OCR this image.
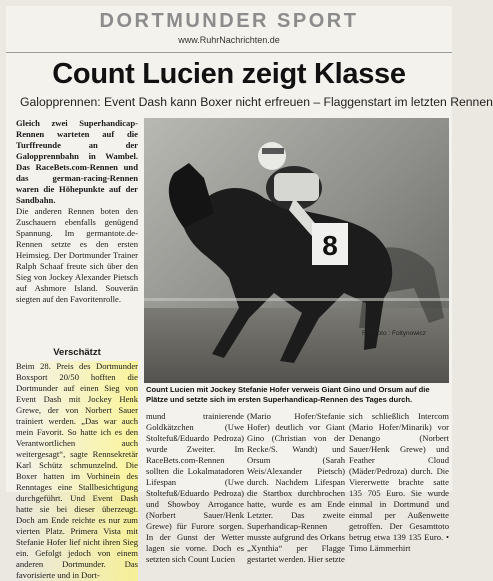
DORTMUNDER SPORT
www.RuhrNachrichten.de
Count Lucien zeigt Klasse
Galopprennen: Event Dash kann Boxer nicht erfreuen – Flaggenstart im letzten Rennen

Gleich zwei Superhandicap-Rennen warteten auf die Turffreunde an der Galopprennbahn in Wambel. Das RaceBets.com-Rennen und das german-racing-Rennen waren die Höhepunkte auf der Sandbahn.

Die anderen Rennen boten den Zuschauern ebenfalls genügend Spannung. Im germantote.de-Rennen setzte es den ersten Heimsieg. Der Dortmunder Trainer Ralph Schaaf freute sich über den Sieg von Jockey Alexander Pietsch auf Ashmore Island. Souverän siegten auf den Favoritenrolle.

Verschätzt

Beim 28. Preis des Dortmunder Boxsport 20/50 hofften die Dortmunder auf einen Sieg von Event Dash mit Jockey Henk Grewe, der von Norbert Sauer trainiert werden. „Das war auch mein Favorit. So hatte ich es den Verantwortlichen auch weitergesagt“, sagte Rennsekretär Karl Schütz schmunzelnd. Die Boxer hatten im Vorhinein des Renntages eine Stallbesichtigung durchgeführt. Und Event Dash hatte sie bei dieser überzeugt. Doch am Ende reichte es nur zum vierten Platz. Primera Vista mit Stefanie Hofer lief nicht ihren Sieg ein. Gefolgt jedoch von einem anderen Dortmunder. Das favorisierte und in Dort-

8
RN-Foto : Foltynowicz
Count Lucien mit Jockey Stefanie Hofer verweis Giant Gino und Orsum auf die Plätze und setzte sich im ersten Superhandicap-Rennen des Tages durch.

mund trainierende Goldkätzchen (Uwe Stoltefuß/Eduardo Pedroza) wurde Zweiter. Im RaceBets.com-Rennen sollten die Lokalmatadoren Lifespan (Uwe Stoltefuß/Eduardo Pedroza) und Showboy Arrogance (Norbert Sauer/Henk Grewe) für Furore sorgen. In der Gunst der Wetter lagen sie vorne. Doch es setzten sich Count Lucien

(Mario Hofer/Stefanie Hofer) deutlich vor Giant Gino (Christian von der Recke/S. Wandt) und Orsum (Sarah Weis/Alexander Pietsch) durch. Nachdem Lifespan die Startbox durchbrochen hatte, wurde es am Ende Letzter. Das zweite Superhandicap-Rennen musste aufgrund des Orkans „Xynthia“ per Flagge gestartet werden. Hier setzte

sich schließlich Intercom (Mario Hofer/Minarik) vor Denango (Norbert Sauer/Henk Grewe) und Feather Cloud (Mäder/Pedroza) durch. Die Viererwette brachte satte 135 705 Euro. Sie wurde einmal in Dortmund und einmal per Außenwette getroffen. Der Gesamttoto betrug etwa 139 135 Euro. • Timo Lämmerhirt
